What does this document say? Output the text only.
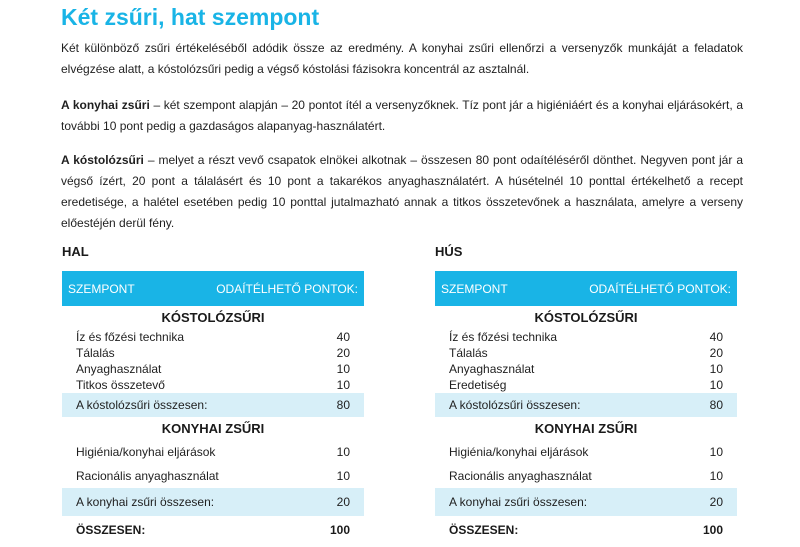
Két zsűri, hat szempont
Két különböző zsűri értékeléséből adódik össze az eredmény. A konyhai zsűri ellenőrzi a versenyzők munkáját a feladatok elvégzése alatt, a kóstolózsűri pedig a végső kóstolási fázisokra koncentrál az asztalnál.
A konyhai zsűri – két szempont alapján – 20 pontot ítél a versenyzőknek. Tíz pont jár a higiéniáért és a konyhai eljárásokért, a további 10 pont pedig a gazdaságos alapanyag-használatért.
A kóstolózsűri – melyet a részt vevő csapatok elnökei alkotnak – összesen 80 pont odaítéléséről dönthet. Negyven pont jár a végső ízért, 20 pont a tálalásért és 10 pont a takarékos anyaghasználatért. A húsételnél 10 ponttal értékelhető a recept eredetisége, a halétel esetében pedig 10 ponttal jutalmazható annak a titkos összetevőnek a használata, amelyre a verseny előestéjén derül fény.
HAL
SZEMPONT	ODAÍTÉLHETŐ PONTOK:
KÓSTOLÓZSŰRI
Íz és főzési technika	40
Tálalás	20
Anyaghasználat	10
Titkos összetevő	10
A kóstolózsűri összesen:	80
KONYHAI ZSŰRI
Higiénia/konyhai eljárások	10
Racionális anyaghasználat	10
A konyhai zsűri összesen:	20
ÖSSZESEN:	100
HÚS
SZEMPONT	ODAÍTÉLHETŐ PONTOK:
KÓSTOLÓZSŰRI
Íz és főzési technika	40
Tálalás	20
Anyaghasználat	10
Eredetiség	10
A kóstolózsűri összesen:	80
KONYHAI ZSŰRI
Higiénia/konyhai eljárások	10
Racionális anyaghasználat	10
A konyhai zsűri összesen:	20
ÖSSZESEN:	100
